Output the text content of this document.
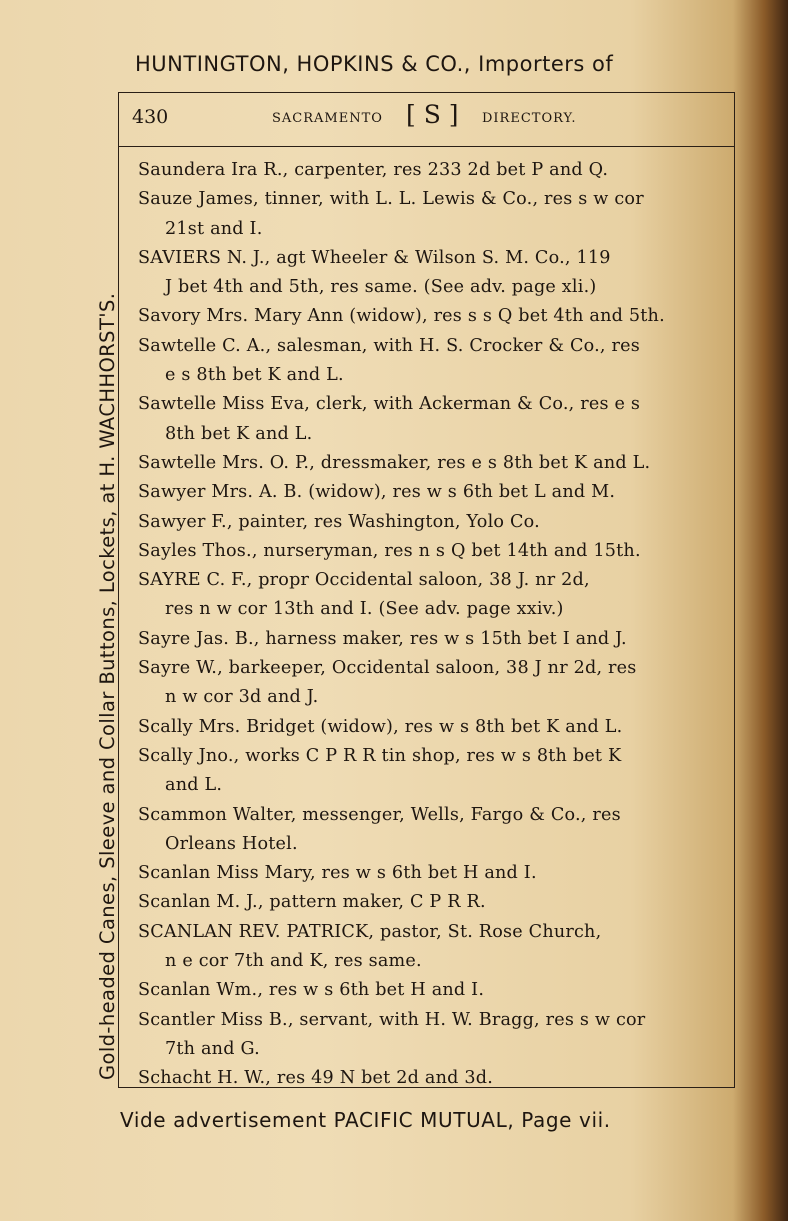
HUNTINGTON, HOPKINS & CO., Importers of
Gold-headed Canes, Sleeve and Collar Buttons, Lockets, at H. WACHHORST'S.
430	SACRAMENTO [ S ] DIRECTORY.
Saundera Ira R., carpenter, res 233 2d bet P and Q.
Sauze James, tinner, with L. L. Lewis & Co., res s w cor
21st and I.
SAVIERS N. J., agt Wheeler & Wilson S. M. Co., 119
J bet 4th and 5th, res same. (See adv. page xli.)
Savory Mrs. Mary Ann (widow), res s s Q bet 4th and 5th.
Sawtelle C. A., salesman, with H. S. Crocker & Co., res
e s 8th bet K and L.
Sawtelle Miss Eva, clerk, with Ackerman & Co., res e s
8th bet K and L.
Sawtelle Mrs. O. P., dressmaker, res e s 8th bet K and L.
Sawyer Mrs. A. B. (widow), res w s 6th bet L and M.
Sawyer F., painter, res Washington, Yolo Co.
Sayles Thos., nurseryman, res n s Q bet 14th and 15th.
SAYRE C. F., propr Occidental saloon, 38 J. nr 2d,
res n w cor 13th and I. (See adv. page xxiv.)
Sayre Jas. B., harness maker, res w s 15th bet I and J.
Sayre W., barkeeper, Occidental saloon, 38 J nr 2d, res
n w cor 3d and J.
Scally Mrs. Bridget (widow), res w s 8th bet K and L.
Scally Jno., works C P R R tin shop, res w s 8th bet K
and L.
Scammon Walter, messenger, Wells, Fargo & Co., res
Orleans Hotel.
Scanlan Miss Mary, res w s 6th bet H and I.
Scanlan M. J., pattern maker, C P R R.
SCANLAN REV. PATRICK, pastor, St. Rose Church,
n e cor 7th and K, res same.
Scanlan Wm., res w s 6th bet H and I.
Scantler Miss B., servant, with H. W. Bragg, res s w cor
7th and G.
Schacht H. W., res 49 N bet 2d and 3d.
Vide advertisement PACIFIC MUTUAL, Page vii.
